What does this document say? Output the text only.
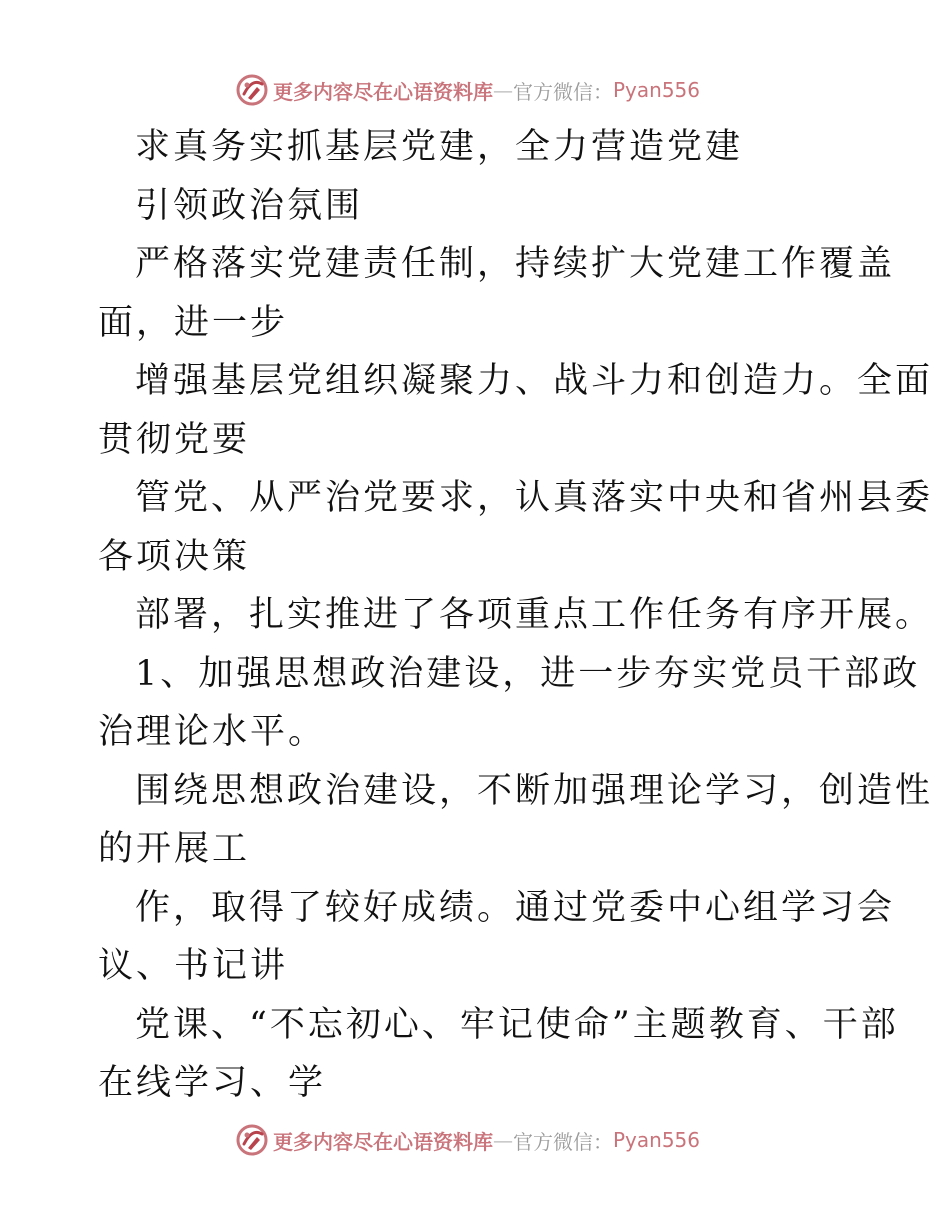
更多内容尽在心语资料库 — 官方微信： Pyan556
求真务实抓基层党建，全力营造党建
引领政治氛围
严格落实党建责任制，持续扩大党建工作覆盖
面，进一步
增强基层党组织凝聚力、战斗力和创造力。全面
贯彻党要
管党、从严治党要求，认真落实中央和省州县委
各项决策
部署，扎实推进了各项重点工作任务有序开展。
1、加强思想政治建设，进一步夯实党员干部政
治理论水平。
围绕思想政治建设，不断加强理论学习，创造性
的开展工
作，取得了较好成绩。通过党委中心组学习会
议、书记讲
党课、“不忘初心、牢记使命”主题教育、干部
在线学习、学
更多内容尽在心语资料库 — 官方微信： Pyan556
